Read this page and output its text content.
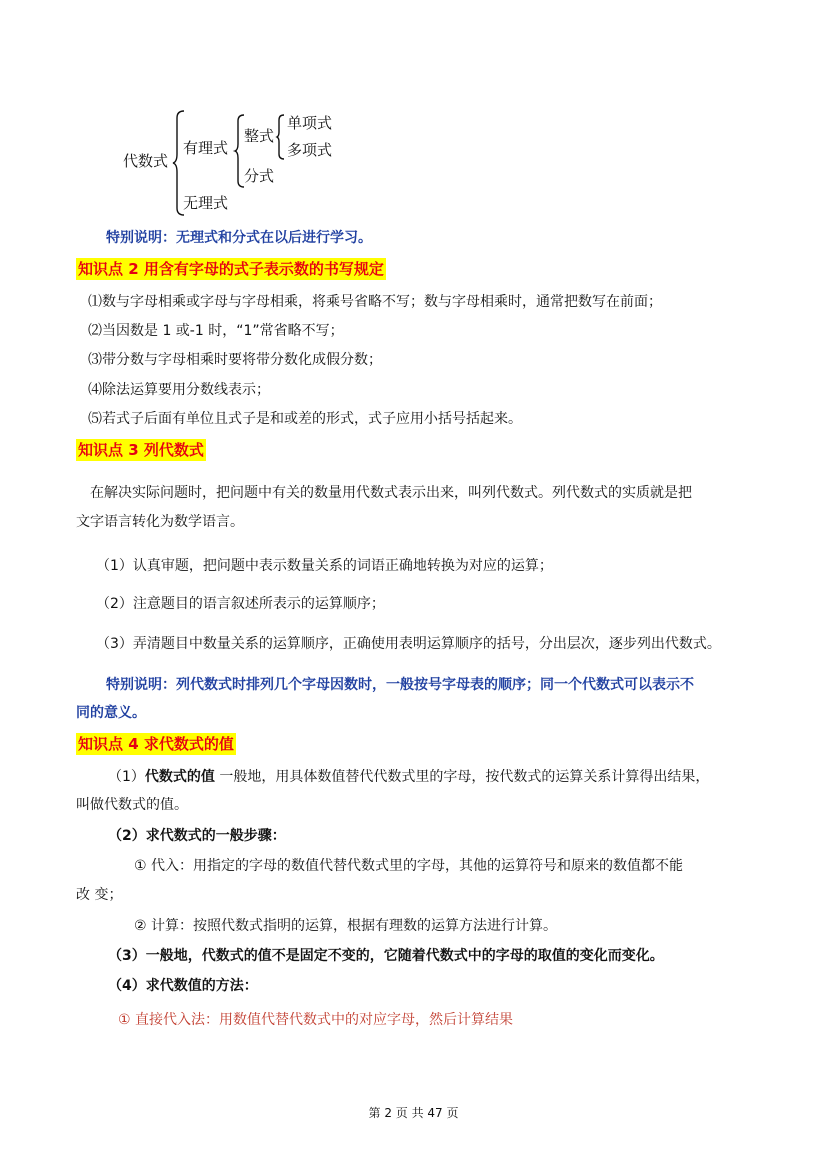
代数式
有理式
整式
单项式
多项式
分式
无理式
特别说明：无理式和分式在以后进行学习。
知识点 2 用含有字母的式子表示数的书写规定
⑴数与字母相乘或字母与字母相乘，将乘号省略不写；数与字母相乘时，通常把数写在前面；
⑵当因数是 1 或-1 时，“1”常省略不写；
⑶带分数与字母相乘时要将带分数化成假分数；
⑷除法运算要用分数线表示；
⑸若式子后面有单位且式子是和或差的形式，式子应用小括号括起来。
知识点 3 列代数式
在解决实际问题时，把问题中有关的数量用代数式表示出来，叫列代数式。列代数式的实质就是把
文字语言转化为数学语言。
（1）认真审题，把问题中表示数量关系的词语正确地转换为对应的运算；
（2）注意题目的语言叙述所表示的运算顺序；
（3）弄清题目中数量关系的运算顺序，正确使用表明运算顺序的括号，分出层次，逐步列出代数式。
特别说明：列代数式时排列几个字母因数时，一般按号字母表的顺序；同一个代数式可以表示不
同的意义。
知识点 4 求代数式的值
（1）代数式的值 一般地，用具体数值替代代数式里的字母，按代数式的运算关系计算得出结果，
叫做代数式的值。
（2）求代数式的一般步骤：
① 代入：用指定的字母的数值代替代数式里的字母，其他的运算符号和原来的数值都不能
改 变；
② 计算：按照代数式指明的运算，根据有理数的运算方法进行计算。
（3）一般地，代数式的值不是固定不变的，它随着代数式中的字母的取值的变化而变化。
（4）求代数值的方法：
① 直接代入法：用数值代替代数式中的对应字母，然后计算结果
第 2 页 共 47 页
